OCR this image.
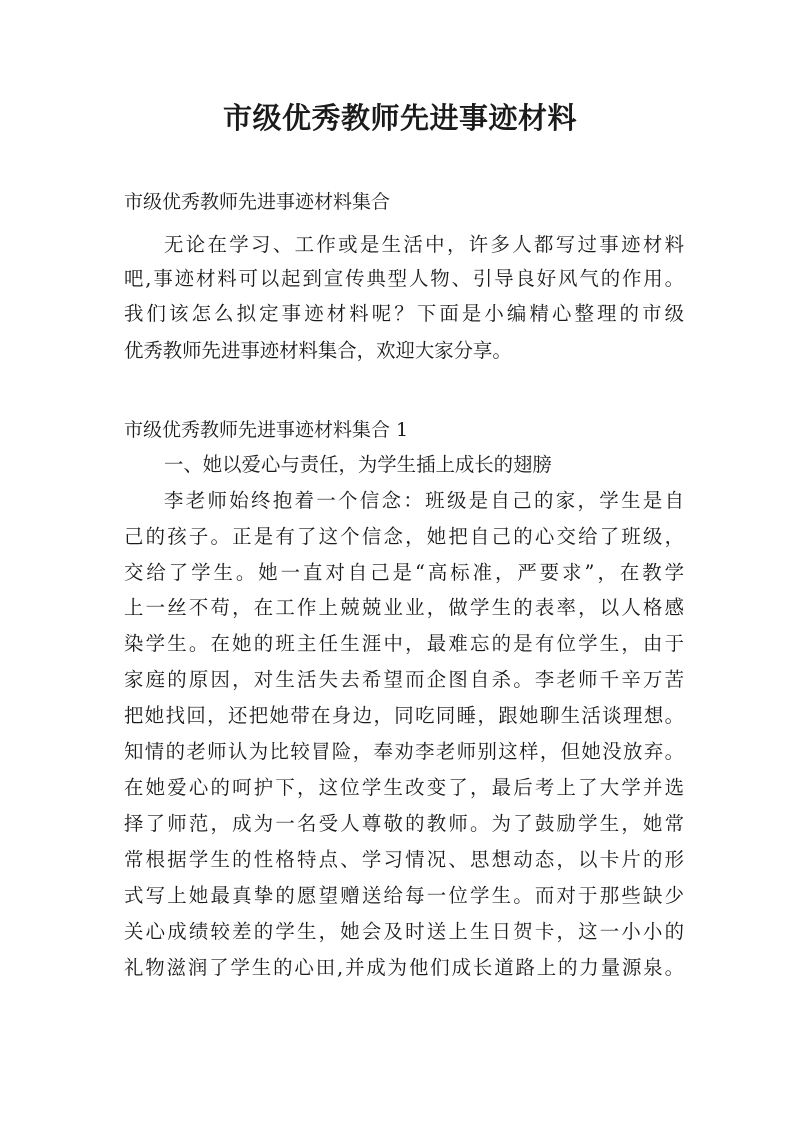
市级优秀教师先进事迹材料
市级优秀教师先进事迹材料集合
无论在学习、工作或是生活中，许多人都写过事迹材料
吧,事迹材料可以起到宣传典型人物、引导良好风气的作用。
我们该怎么拟定事迹材料呢？下面是小编精心整理的市级
优秀教师先进事迹材料集合，欢迎大家分享。
市级优秀教师先进事迹材料集合 1
一、她以爱心与责任，为学生插上成长的翅膀
李老师始终抱着一个信念：班级是自己的家，学生是自
己的孩子。正是有了这个信念，她把自己的心交给了班级，
交给了学生。她一直对自己是“高标准，严要求”，在教学
上一丝不苟，在工作上兢兢业业，做学生的表率，以人格感
染学生。在她的班主任生涯中，最难忘的是有位学生，由于
家庭的原因，对生活失去希望而企图自杀。李老师千辛万苦
把她找回，还把她带在身边，同吃同睡，跟她聊生活谈理想。
知情的老师认为比较冒险，奉劝李老师别这样，但她没放弃。
在她爱心的呵护下，这位学生改变了，最后考上了大学并选
择了师范，成为一名受人尊敬的教师。为了鼓励学生，她常
常根据学生的性格特点、学习情况、思想动态，以卡片的形
式写上她最真挚的愿望赠送给每一位学生。而对于那些缺少
关心成绩较差的学生，她会及时送上生日贺卡，这一小小的
礼物滋润了学生的心田,并成为他们成长道路上的力量源泉。
